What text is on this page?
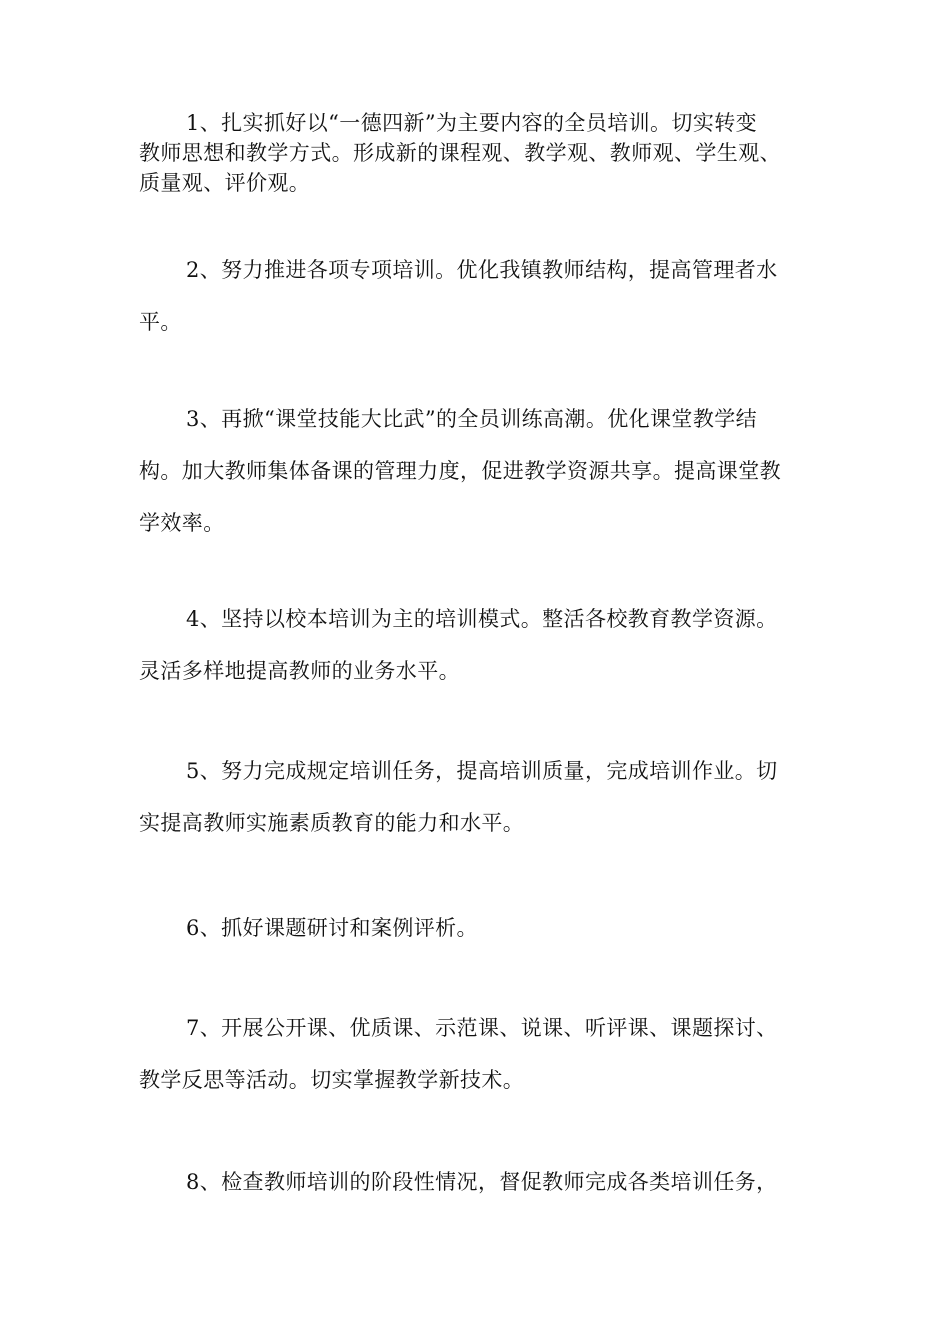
1、扎实抓好以“一德四新”为主要内容的全员培训。切实转变
教师思想和教学方式。形成新的课程观、教学观、教师观、学生观、
质量观、评价观。

2、努力推进各项专项培训。优化我镇教师结构，提高管理者水
平。

3、再掀“课堂技能大比武”的全员训练高潮。优化课堂教学结
构。加大教师集体备课的管理力度，促进教学资源共享。提高课堂教
学效率。

4、坚持以校本培训为主的培训模式。整活各校教育教学资源。
灵活多样地提高教师的业务水平。

5、努力完成规定培训任务，提高培训质量，完成培训作业。切
实提高教师实施素质教育的能力和水平。

6、抓好课题研讨和案例评析。

7、开展公开课、优质课、示范课、说课、听评课、课题探讨、
教学反思等活动。切实掌握教学新技术。

8、检查教师培训的阶段性情况，督促教师完成各类培训任务，
